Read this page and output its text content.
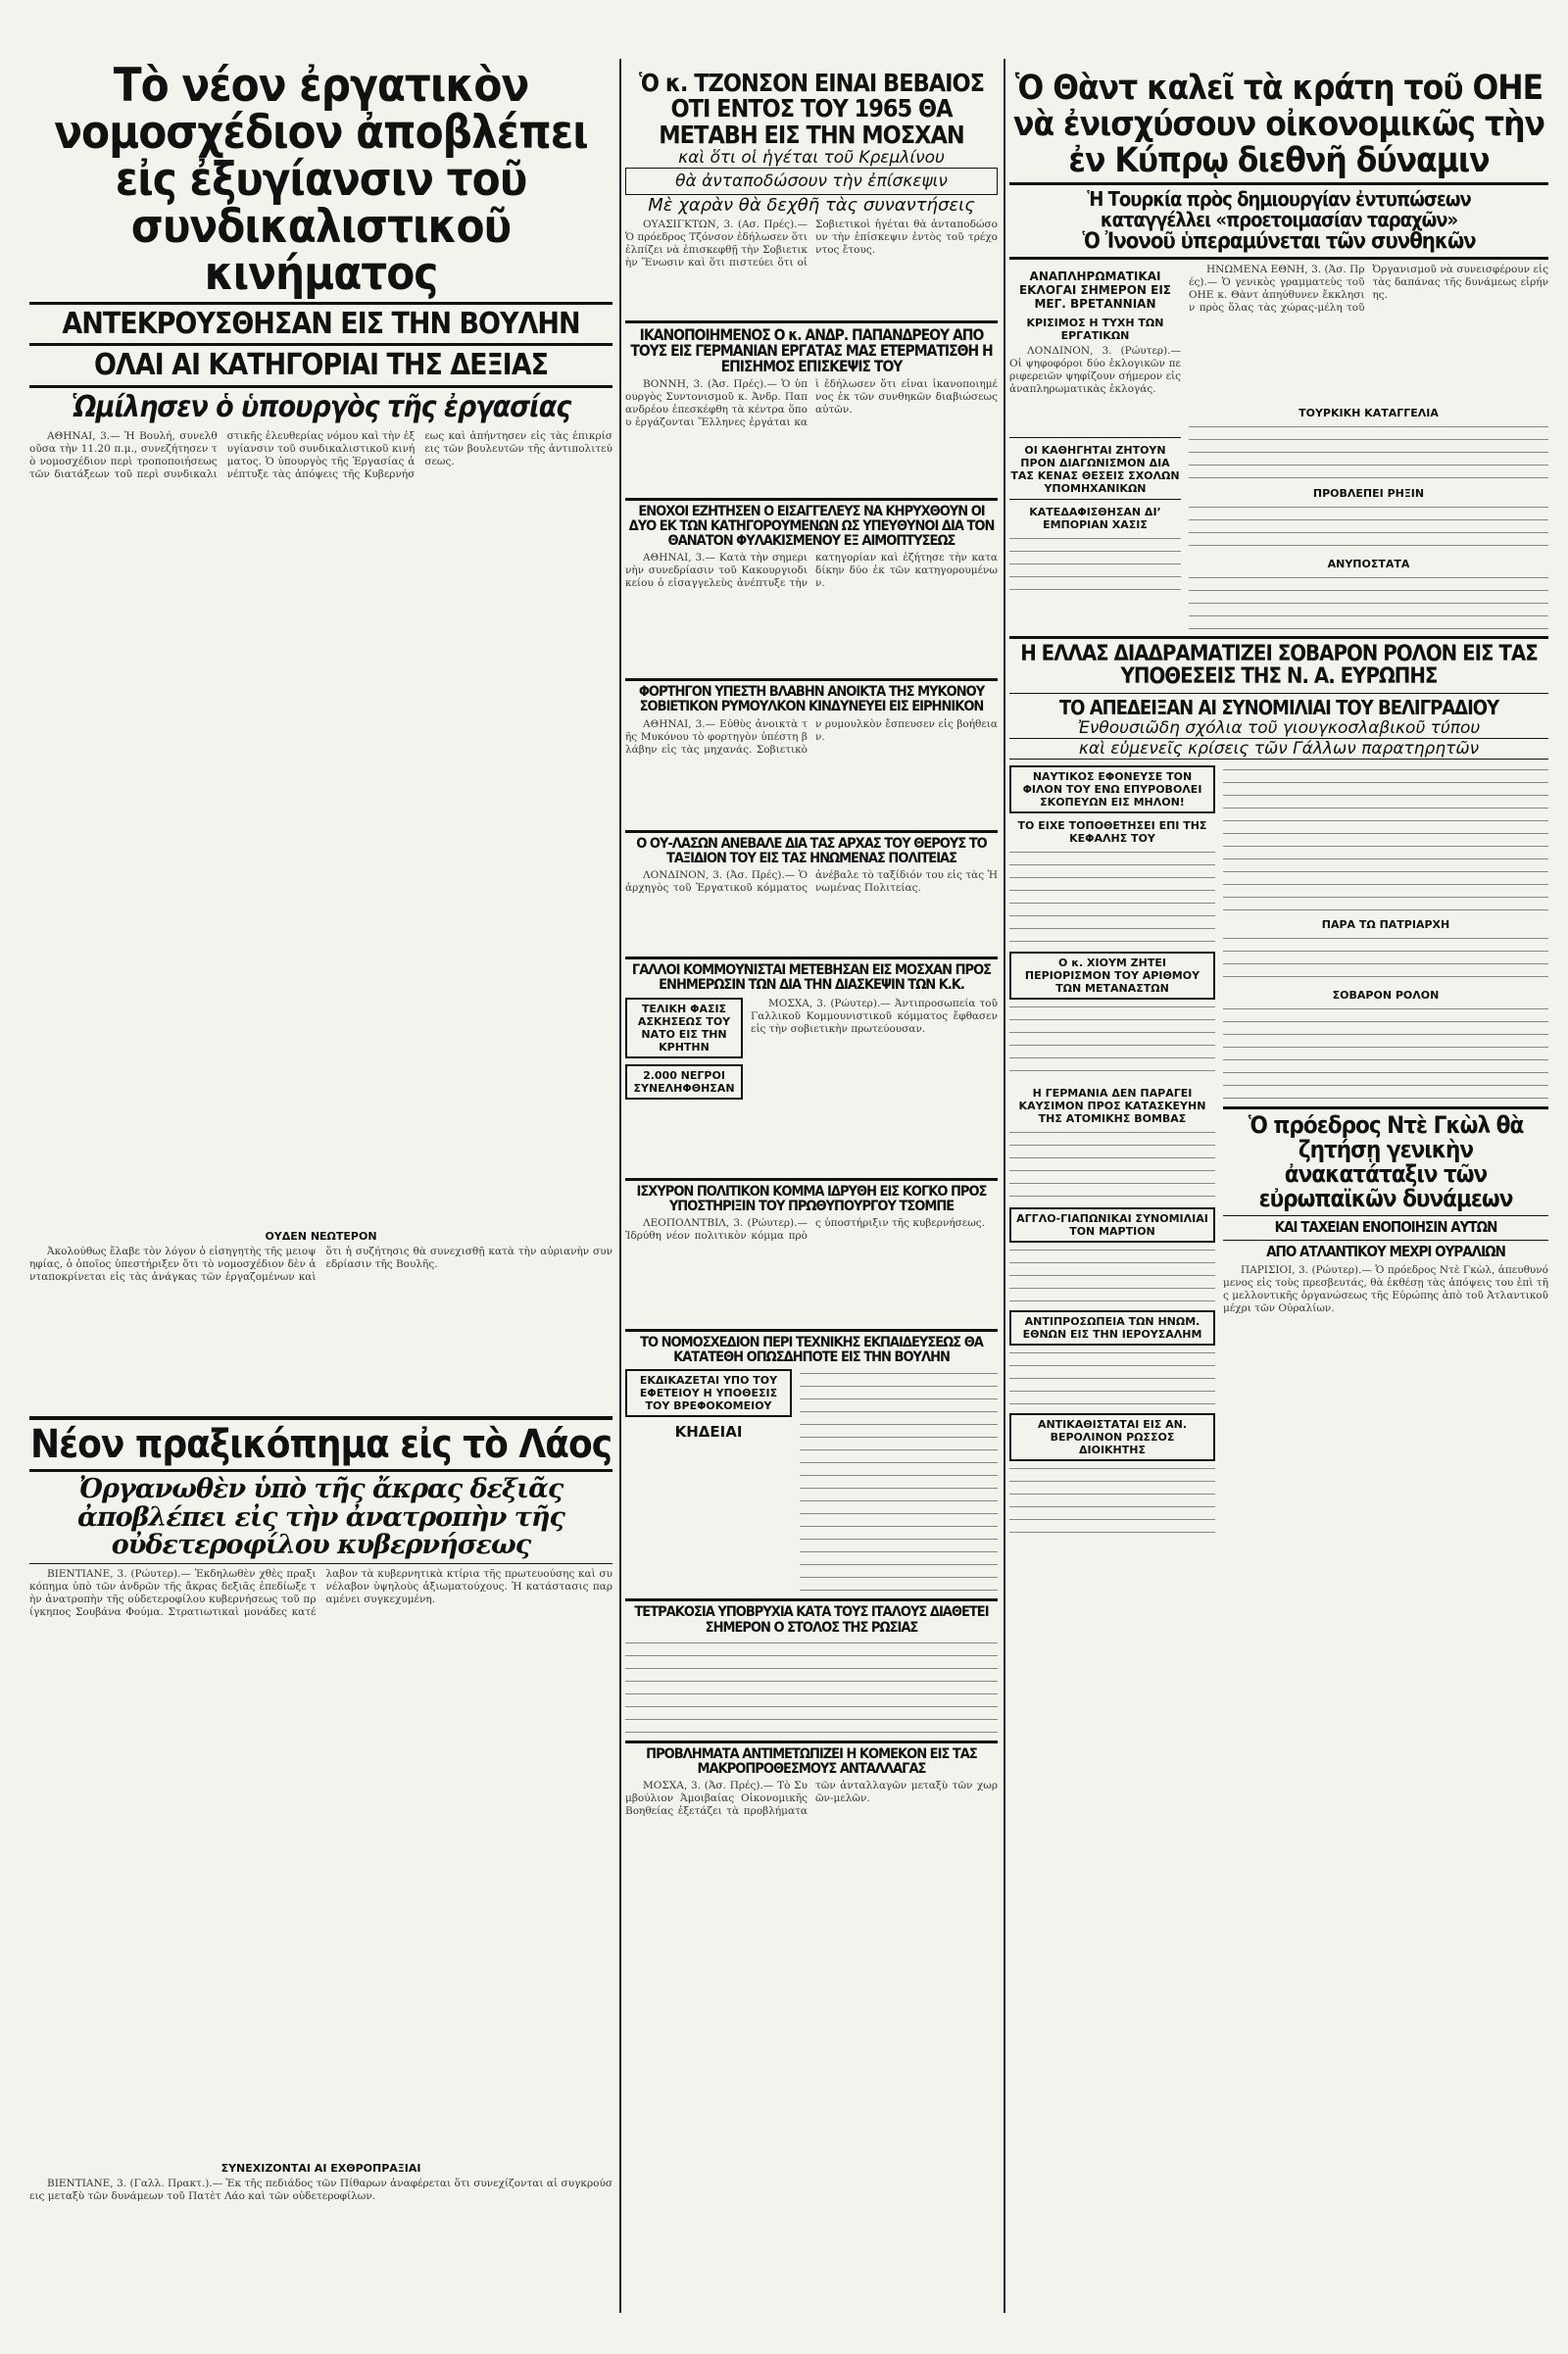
Τὸ νέον ἐργατικὸν νομοσχέδιον ἀποβλέπει εἰς ἐξυγίανσιν τοῦ συνδικαλιστικοῦ κινήματος
ΑΝΤΕΚΡΟΥΣΘΗΣΑΝ ΕΙΣ ΤΗΝ ΒΟΥΛΗΝ
ΟΛΑΙ ΑΙ ΚΑΤΗΓΟΡΙΑΙ ΤΗΣ ΔΕΞΙΑΣ
Ὡμίλησεν ὁ ὑπουργὸς τῆς ἐργασίας

ΑΘΗΝΑΙ, 3.— Ἡ Βουλή, συνελθοῦσα τὴν 11.20 π.μ., συνεζήτησεν τὸ νομοσχέδιον περὶ τροποποιήσεως τῶν διατάξεων τοῦ περὶ συνδικαλιστικῆς ἐλευθερίας νόμου καὶ τὴν ἐξυγίανσιν τοῦ συνδικαλιστικοῦ κινήματος. Ὁ ὑπουργὸς τῆς Ἐργασίας ἀνέπτυξε τὰς ἀπόψεις τῆς Κυβερνήσεως καὶ ἀπήντησεν εἰς τὰς ἐπικρίσεις τῶν βουλευτῶν τῆς ἀντιπολιτεύσεως.

ΟΥΔΕΝ ΝΕΩΤΕΡΟΝ

Ἀκολούθως ἔλαβε τὸν λόγον ὁ εἰσηγητὴς τῆς μειοψηφίας, ὁ ὁποῖος ὑπεστήριξεν ὅτι τὸ νομοσχέδιον δὲν ἀνταποκρίνεται εἰς τὰς ἀνάγκας τῶν ἐργαζομένων καὶ ὅτι ἡ συζήτησις θὰ συνεχισθῇ κατὰ τὴν αὐριανὴν συνεδρίασιν τῆς Βουλῆς.

Νέον πραξικόπημα εἰς τὸ Λάος
Ὀργανωθὲν ὑπὸ τῆς ἄκρας δεξιᾶς ἀποβλέπει εἰς τὴν ἀνατροπὴν τῆς οὐδετεροφίλου κυβερνήσεως

ΒΙΕΝΤΙΑΝΕ, 3. (Ρώυτερ).— Ἐκδηλωθὲν χθὲς πραξικόπημα ὑπὸ τῶν ἀνδρῶν τῆς ἄκρας δεξιᾶς ἐπεδίωξε τὴν ἀνατροπὴν τῆς οὐδετεροφίλου κυβερνήσεως τοῦ πρίγκηπος Σουβάνα Φούμα. Στρατιωτικαὶ μονάδες κατέλαβον τὰ κυβερνητικὰ κτίρια τῆς πρωτευούσης καὶ συνέλαβον ὑψηλοὺς ἀξιωματούχους. Ἡ κατάστασις παραμένει συγκεχυμένη.

ΣΥΝΕΧΙΖΟΝΤΑΙ ΑΙ ΕΧΘΡΟΠΡΑΞΙΑΙ

ΒΙΕΝΤΙΑΝΕ, 3. (Γαλλ. Πρακτ.).— Ἐκ τῆς πεδιάδος τῶν Πίθαρων ἀναφέρεται ὅτι συνεχίζονται αἱ συγκρούσεις μεταξὺ τῶν δυνάμεων τοῦ Πατὲτ Λάο καὶ τῶν οὐδετεροφίλων.

Ὁ κ. ΤΖΟΝΣΟΝ ΕΙΝΑΙ ΒΕΒΑΙΟΣ ΟΤΙ ΕΝΤΟΣ ΤΟΥ 1965 ΘΑ ΜΕΤΑΒΗ ΕΙΣ ΤΗΝ ΜΟΣΧΑΝ
καὶ ὅτι οἱ ἡγέται τοῦ Κρεμλίνου
θὰ ἀνταποδώσουν τὴν ἐπίσκεψιν
Μὲ χαρὰν θὰ δεχθῆ τὰς συναντήσεις

ΟΥΑΣΙΓΚΤΩΝ, 3. (Ασ. Πρές).— Ὁ πρόεδρος Τζόνσον ἐδήλωσεν ὅτι ἐλπίζει νὰ ἐπισκεφθῇ τὴν Σοβιετικὴν Ἕνωσιν καὶ ὅτι πιστεύει ὅτι οἱ Σοβιετικοὶ ἡγέται θὰ ἀνταποδώσουν τὴν ἐπίσκεψιν ἐντὸς τοῦ τρέχοντος ἔτους.

ΙΚΑΝΟΠΟΙΗΜΕΝΟΣ Ο κ. ΑΝΔΡ. ΠΑΠΑΝΔΡΕΟΥ ΑΠΟ ΤΟΥΣ ΕΙΣ ΓΕΡΜΑΝΙΑΝ ΕΡΓΑΤΑΣ ΜΑΣ ΕΤΕΡΜΑΤΙΣΘΗ Η ΕΠΙΣΗΜΟΣ ΕΠΙΣΚΕΨΙΣ ΤΟΥ

ΒΟΝΝΗ, 3. (Ἀσ. Πρές).— Ὁ ὑπουργὸς Συντονισμοῦ κ. Ἀνδρ. Παπανδρέου ἐπεσκέφθη τὰ κέντρα ὅπου ἐργάζονται Ἕλληνες ἐργάται καὶ ἐδήλωσεν ὅτι εἶναι ἱκανοποιημένος ἐκ τῶν συνθηκῶν διαβιώσεως αὐτῶν.

ΕΝΟΧΟΙ ΕΖΗΤΗΣΕΝ Ο ΕΙΣΑΓΓΕΛΕΥΣ ΝΑ ΚΗΡΥΧΘΟΥΝ ΟΙ ΔΥΟ ΕΚ ΤΩΝ ΚΑΤΗΓΟΡΟΥΜΕΝΩΝ ΩΣ ΥΠΕΥΘΥΝΟΙ ΔΙΑ ΤΟΝ ΘΑΝΑΤΟΝ ΦΥΛΑΚΙΣΜΕΝΟΥ ΕΞ ΑΙΜΟΠΤΥΣΕΩΣ

ΑΘΗΝΑΙ, 3.— Κατὰ τὴν σημερινὴν συνεδρίασιν τοῦ Κακουργιοδικείου ὁ εἰσαγγελεὺς ἀνέπτυξε τὴν κατηγορίαν καὶ ἐζήτησε τὴν καταδίκην δύο ἐκ τῶν κατηγορουμένων.

ΦΟΡΤΗΓΟΝ ΥΠΕΣΤΗ ΒΛΑΒΗΝ ΑΝΟΙΚΤΑ ΤΗΣ ΜΥΚΟΝΟΥ ΣΟΒΙΕΤΙΚΟΝ ΡΥΜΟΥΛΚΟΝ ΚΙΝΔΥΝΕΥΕΙ ΕΙΣ ΕΙΡΗΝΙΚΟΝ

ΑΘΗΝΑΙ, 3.— Εὐθὺς ἀνοικτὰ τῆς Μυκόνου τὸ φορτηγὸν ὑπέστη βλάβην εἰς τὰς μηχανάς. Σοβιετικὸν ρυμουλκὸν ἔσπευσεν εἰς βοήθειαν.

Ο ΟΥ-ΛΑΣΩΝ ΑΝΕΒΑΛΕ ΔΙΑ ΤΑΣ ΑΡΧΑΣ ΤΟΥ ΘΕΡΟΥΣ ΤΟ ΤΑΞΙΔΙΟΝ ΤΟΥ ΕΙΣ ΤΑΣ ΗΝΩΜΕΝΑΣ ΠΟΛΙΤΕΙΑΣ

ΛΟΝΔΙΝΟΝ, 3. (Ἀσ. Πρές).— Ὁ ἀρχηγὸς τοῦ Ἐργατικοῦ κόμματος ἀνέβαλε τὸ ταξίδιόν του εἰς τὰς Ἡνωμένας Πολιτείας.

ΓΑΛΛΟΙ ΚΟΜΜΟΥΝΙΣΤΑΙ ΜΕΤΕΒΗΣΑΝ ΕΙΣ ΜΟΣΧΑΝ ΠΡΟΣ ΕΝΗΜΕΡΩΣΙΝ ΤΩΝ ΔΙΑ ΤΗΝ ΔΙΑΣΚΕΨΙΝ ΤΩΝ Κ.Κ.
ΤΕΛΙΚΗ ΦΑΣΙΣ ΑΣΚΗΣΕΩΣ ΤΟΥ ΝΑΤΟ ΕΙΣ ΤΗΝ ΚΡΗΤΗΝ
2.000 ΝΕΓΡΟΙ ΣΥΝΕΛΗΦΘΗΣΑΝ

ΜΟΣΧΑ, 3. (Ρώυτερ).— Ἀντιπροσωπεία τοῦ Γαλλικοῦ Κομμουνιστικοῦ κόμματος ἔφθασεν εἰς τὴν σοβιετικὴν πρωτεύουσαν.

ΙΣΧΥΡΟΝ ΠΟΛΙΤΙΚΟΝ ΚΟΜΜΑ ΙΔΡΥΘΗ ΕΙΣ ΚΟΓΚΟ ΠΡΟΣ ΥΠΟΣΤΗΡΙΞΙΝ ΤΟΥ ΠΡΩΘΥΠΟΥΡΓΟΥ ΤΣΟΜΠΕ

ΛΕΟΠΟΛΝΤΒΙΛ, 3. (Ρώυτερ).— Ἱδρύθη νέον πολιτικὸν κόμμα πρὸς ὑποστήριξιν τῆς κυβερνήσεως.

ΤΟ ΝΟΜΟΣΧΕΔΙΟΝ ΠΕΡΙ ΤΕΧΝΙΚΗΣ ΕΚΠΑΙΔΕΥΣΕΩΣ ΘΑ ΚΑΤΑΤΕΘΗ ΟΠΩΣΔΗΠΟΤΕ ΕΙΣ ΤΗΝ ΒΟΥΛΗΝ
ΕΚΔΙΚΑΖΕΤΑΙ ΥΠΟ ΤΟΥ ΕΦΕΤΕΙΟΥ Η ΥΠΟΘΕΣΙΣ ΤΟΥ ΒΡΕΦΟΚΟΜΕΙΟΥ
ΚΗΔΕΙΑΙ
ΤΕΤΡΑΚΟΣΙΑ ΥΠΟΒΡΥΧΙΑ ΚΑΤΑ ΤΟΥΣ ΙΤΑΛΟΥΣ ΔΙΑΘΕΤΕΙ ΣΗΜΕΡΟΝ Ο ΣΤΟΛΟΣ ΤΗΣ ΡΩΣΙΑΣ
ΠΡΟΒΛΗΜΑΤΑ ΑΝΤΙΜΕΤΩΠΙΖΕΙ Η ΚΟΜΕΚΟΝ ΕΙΣ ΤΑΣ ΜΑΚΡΟΠΡΟΘΕΣΜΟΥΣ ΑΝΤΑΛΛΑΓΑΣ

ΜΟΣΧΑ, 3. (Ἀσ. Πρές).— Τὸ Συμβούλιον Ἀμοιβαίας Οἰκονομικῆς Βοηθείας ἐξετάζει τὰ προβλήματα τῶν ἀνταλλαγῶν μεταξὺ τῶν χωρῶν-μελῶν.

Ὁ Θὰντ καλεῖ τὰ κράτη τοῦ ΟΗΕ νὰ ἐνισχύσουν οἰκονομικῶς τὴν ἐν Κύπρῳ διεθνῆ δύναμιν
Ἡ Τουρκία πρὸς δημιουργίαν ἐντυπώσεων
καταγγέλλει «προετοιμασίαν ταραχῶν»
Ὁ Ἰνονοῦ ὑπεραμύνεται τῶν συνθηκῶν
ΑΝΑΠΛΗΡΩΜΑΤΙΚΑΙ ΕΚΛΟΓΑΙ ΣΗΜΕΡΟΝ ΕΙΣ ΜΕΓ. ΒΡΕΤΑΝΝΙΑΝ
ΚΡΙΣΙΜΟΣ Η ΤΥΧΗ ΤΩΝ ΕΡΓΑΤΙΚΩΝ

ΛΟΝΔΙΝΟΝ, 3. (Ρώυτερ).— Οἱ ψηφοφόροι δύο ἐκλογικῶν περιφερειῶν ψηφίζουν σήμερον εἰς ἀναπληρωματικὰς ἐκλογάς.

ΟΙ ΚΑΘΗΓΗΤΑΙ ΖΗΤΟΥΝ ΠΡΟΝ ΔΙΑΓΩΝΙΣΜΟΝ ΔΙΑ ΤΑΣ ΚΕΝΑΣ ΘΕΣΕΙΣ ΣΧΟΛΩΝ ΥΠΟΜΗΧΑΝΙΚΩΝ
ΚΑΤΕΔΑΦΙΣΘΗΣΑΝ ΔΙ’ ΕΜΠΟΡΙΑΝ ΧΑΣΙΣ

ΗΝΩΜΕΝΑ ΕΘΝΗ, 3. (Ἀσ. Πρές).— Ὁ γενικὸς γραμματεὺς τοῦ ΟΗΕ κ. Θὰντ ἀπηύθυνεν ἔκκλησιν πρὸς ὅλας τὰς χώρας-μέλη τοῦ Ὀργανισμοῦ νὰ συνεισφέρουν εἰς τὰς δαπάνας τῆς δυνάμεως εἰρήνης.

ΤΟΥΡΚΙΚΗ ΚΑΤΑΓΓΕΛΙΑ
ΠΡΟΒΛΕΠΕΙ ΡΗΞΙΝ
ΑΝΥΠΟΣΤΑΤΑ
Η ΕΛΛΑΣ ΔΙΑΔΡΑΜΑΤΙΖΕΙ ΣΟΒΑΡΟΝ ΡΟΛΟΝ ΕΙΣ ΤΑΣ ΥΠΟΘΕΣΕΙΣ ΤΗΣ Ν. Α. ΕΥΡΩΠΗΣ
ΤΟ ΑΠΕΔΕΙΞΑΝ ΑΙ ΣΥΝΟΜΙΛΙΑΙ ΤΟΥ ΒΕΛΙΓΡΑΔΙΟΥ
Ἐνθουσιῶδη σχόλια τοῦ γιουγκοσλαβικοῦ τύπου
καὶ εὐμενεῖς κρίσεις τῶν Γάλλων παρατηρητῶν
ΝΑΥΤΙΚΟΣ ΕΦΟΝΕΥΣΕ ΤΟΝ ΦΙΛΟΝ ΤΟΥ ΕΝΩ ΕΠΥΡΟΒΟΛΕΙ ΣΚΟΠΕΥΩΝ ΕΙΣ ΜΗΛΟΝ!
ΤΟ ΕΙΧΕ ΤΟΠΟΘΕΤΗΣΕΙ ΕΠΙ ΤΗΣ ΚΕΦΑΛΗΣ ΤΟΥ
Ο κ. ΧΙΟΥΜ ΖΗΤΕΙ ΠΕΡΙΟΡΙΣΜΟΝ ΤΟΥ ΑΡΙΘΜΟΥ ΤΩΝ ΜΕΤΑΝΑΣΤΩΝ
Η ΓΕΡΜΑΝΙΑ ΔΕΝ ΠΑΡΑΓΕΙ ΚΑΥΣΙΜΟΝ ΠΡΟΣ ΚΑΤΑΣΚΕΥΗΝ ΤΗΣ ΑΤΟΜΙΚΗΣ ΒΟΜΒΑΣ
ΑΓΓΛΟ-ΓΙΑΠΩΝΙΚΑΙ ΣΥΝΟΜΙΛΙΑΙ ΤΟΝ ΜΑΡΤΙΟΝ
ΑΝΤΙΠΡΟΣΩΠΕΙΑ ΤΩΝ ΗΝΩΜ. ΕΘΝΩΝ ΕΙΣ ΤΗΝ ΙΕΡΟΥΣΑΛΗΜ
ΑΝΤΙΚΑΘΙΣΤΑΤΑΙ ΕΙΣ ΑΝ. ΒΕΡΟΛΙΝΟΝ ΡΩΣΣΟΣ ΔΙΟΙΚΗΤΗΣ
ΠΑΡΑ ΤΩ ΠΑΤΡΙΑΡΧΗ
ΣΟΒΑΡΟΝ ΡΟΛΟΝ
Ὁ πρόεδρος Ντὲ Γκὼλ θὰ ζητήσῃ γενικὴν ἀνακατάταξιν τῶν εὐρωπαϊκῶν δυνάμεων
ΚΑΙ ΤΑΧΕΙΑΝ ΕΝΟΠΟΙΗΣΙΝ ΑΥΤΩΝ
ΑΠΟ ΑΤΛΑΝΤΙΚΟΥ ΜΕΧΡΙ ΟΥΡΑΛΙΩΝ

ΠΑΡΙΣΙΟΙ, 3. (Ρώυτερ).— Ὁ πρόεδρος Ντὲ Γκὼλ, ἀπευθυνόμενος εἰς τοὺς πρεσβευτάς, θὰ ἐκθέσῃ τὰς ἀπόψεις του ἐπὶ τῆς μελλοντικῆς ὀργανώσεως τῆς Εὐρώπης ἀπὸ τοῦ Ἀτλαντικοῦ μέχρι τῶν Οὐραλίων.
